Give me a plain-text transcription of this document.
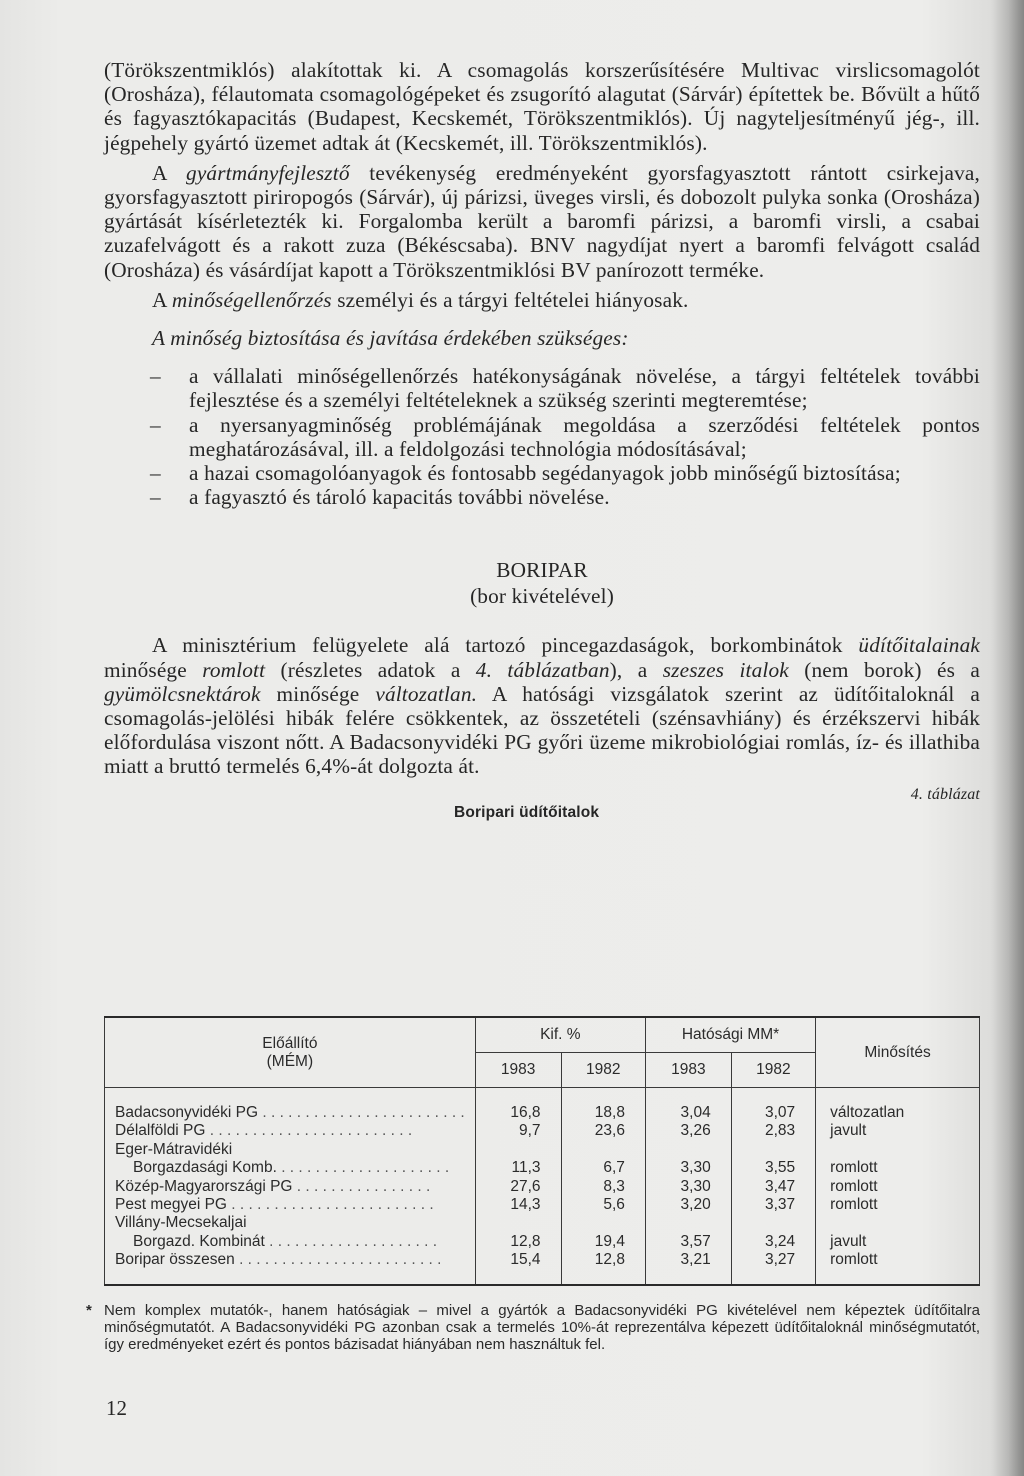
(Törökszentmiklós) alakítottak ki. A csomagolás korszerűsítésére Multivac virslicsomagolót (Orosháza), félautomata csomagológépeket és zsugorító alagutat (Sárvár) építettek be. Bővült a hűtő és fagyasztókapacitás (Budapest, Kecskemét, Törökszentmiklós). Új nagyteljesítményű jég-, ill. jégpehely gyártó üzemet adtak át (Kecskemét, ill. Törökszentmiklós).

A gyártmányfejlesztő tevékenység eredményeként gyorsfagyasztott rántott csirkejava, gyorsfagyasztott piriropogós (Sárvár), új párizsi, üveges virsli, és dobozolt pulyka sonka (Orosháza) gyártását kísérletezték ki. Forgalomba került a baromfi párizsi, a baromfi virsli, a csabai zuzafelvágott és a rakott zuza (Békéscsaba). BNV nagydíjat nyert a baromfi felvágott család (Orosháza) és vásárdíjat kapott a Törökszentmiklósi BV panírozott terméke.

A minőségellenőrzés személyi és a tárgyi feltételei hiányosak.

A minőség biztosítása és javítása érdekében szükséges:

– a vállalati minőségellenőrzés hatékonyságának növelése, a tárgyi feltételek további fejlesztése és a személyi feltételeknek a szükség szerinti megteremtése;
– a nyersanyagminőség problémájának megoldása a szerződési feltételek pontos meghatározásával, ill. a feldolgozási technológia módosításával;
– a hazai csomagolóanyagok és fontosabb segédanyagok jobb minőségű biztosítása;
– a fagyasztó és tároló kapacitás további növelése.
BORIPAR
(bor kivételével)

A minisztérium felügyelete alá tartozó pincegazdaságok, borkombinátok üdítőitalainak minősége romlott (részletes adatok a 4. táblázatban), a szeszes italok (nem borok) és a gyümölcsnektárok minősége változatlan. A hatósági vizsgálatok szerint az üdítőitaloknál a csomagolás-jelölési hibák felére csökkentek, az összetételi (szénsavhiány) és érzékszervi hibák előfordulása viszont nőtt. A Badacsonyvidéki PG győri üzeme mikrobiológiai romlás, íz- és illathiba miatt a bruttó termelés 6,4%-át dolgozta át.

4. táblázat
Boripari üdítőitalok
Előállító
(MÉM)	Kif. %		Hatósági MM*		Minősítés
	1983	1982	1983	1982	

Badacsonyvidéki PG . . . . . . . . . . . . . . . . . . . . . . . .	16,8	18,8	3,04	3,07	változatlan

Délalföldi PG . . . . . . . . . . . . . . . . . . . . . . . .	9,7	23,6	3,26	2,83	javult

Eger-Mátravidéki
Borgazdasági Komb. . . . . . . . . . . . . . . . . . . . .	11,3	6,7	3,30	3,55	romlott

Közép-Magyarországi PG . . . . . . . . . . . . . . . .	27,6	8,3	3,30	3,47	romlott

Pest megyei PG . . . . . . . . . . . . . . . . . . . . . . . .	14,3	5,6	3,20	3,37	romlott

Villány-Mecsekaljai
Borgazd. Kombinát . . . . . . . . . . . . . . . . . . . .	12,8	19,4	3,57	3,24	javult

Boripar összesen . . . . . . . . . . . . . . . . . . . . . . . .	15,4	12,8	3,21	3,27	romlott
* Nem komplex mutatók-, hanem hatóságiak – mivel a gyártók a Badacsonyvidéki PG kivételével nem képeztek üdítőitalra minőségmutatót. A Badacsonyvidéki PG azonban csak a termelés 10%-át reprezentálva képezett üdítőitaloknál minőségmutatót, így eredményeket ezért és pontos bázisadat hiányában nem használtuk fel.
12
